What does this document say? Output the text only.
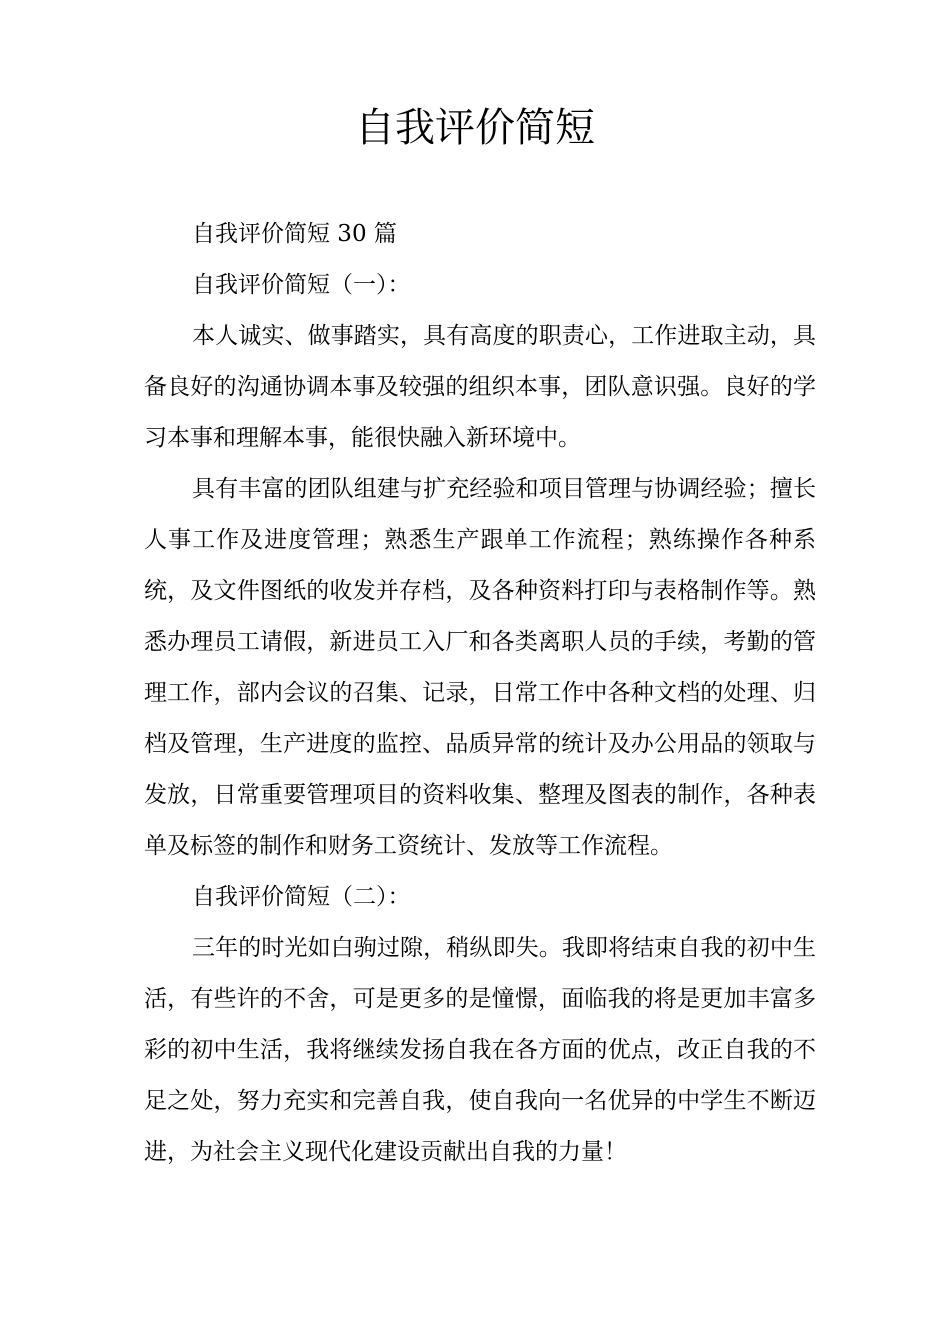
自我评价简短

自我评价简短 30 篇

自我评价简短（一）：

本人诚实、做事踏实，具有高度的职责心，工作进取主动，具备良好的沟通协调本事及较强的组织本事，团队意识强。良好的学习本事和理解本事，能很快融入新环境中。

具有丰富的团队组建与扩充经验和项目管理与协调经验；擅长人事工作及进度管理；熟悉生产跟单工作流程；熟练操作各种系统，及文件图纸的收发并存档，及各种资料打印与表格制作等。熟悉办理员工请假，新进员工入厂和各类离职人员的手续，考勤的管理工作，部内会议的召集、记录，日常工作中各种文档的处理、归档及管理，生产进度的监控、品质异常的统计及办公用品的领取与发放，日常重要管理项目的资料收集、整理及图表的制作，各种表单及标签的制作和财务工资统计、发放等工作流程。

自我评价简短（二）：

三年的时光如白驹过隙，稍纵即失。我即将结束自我的初中生活，有些许的不舍，可是更多的是憧憬，面临我的将是更加丰富多彩的初中生活，我将继续发扬自我在各方面的优点，改正自我的不足之处，努力充实和完善自我，使自我向一名优异的中学生不断迈进，为社会主义现代化建设贡献出自我的力量！
